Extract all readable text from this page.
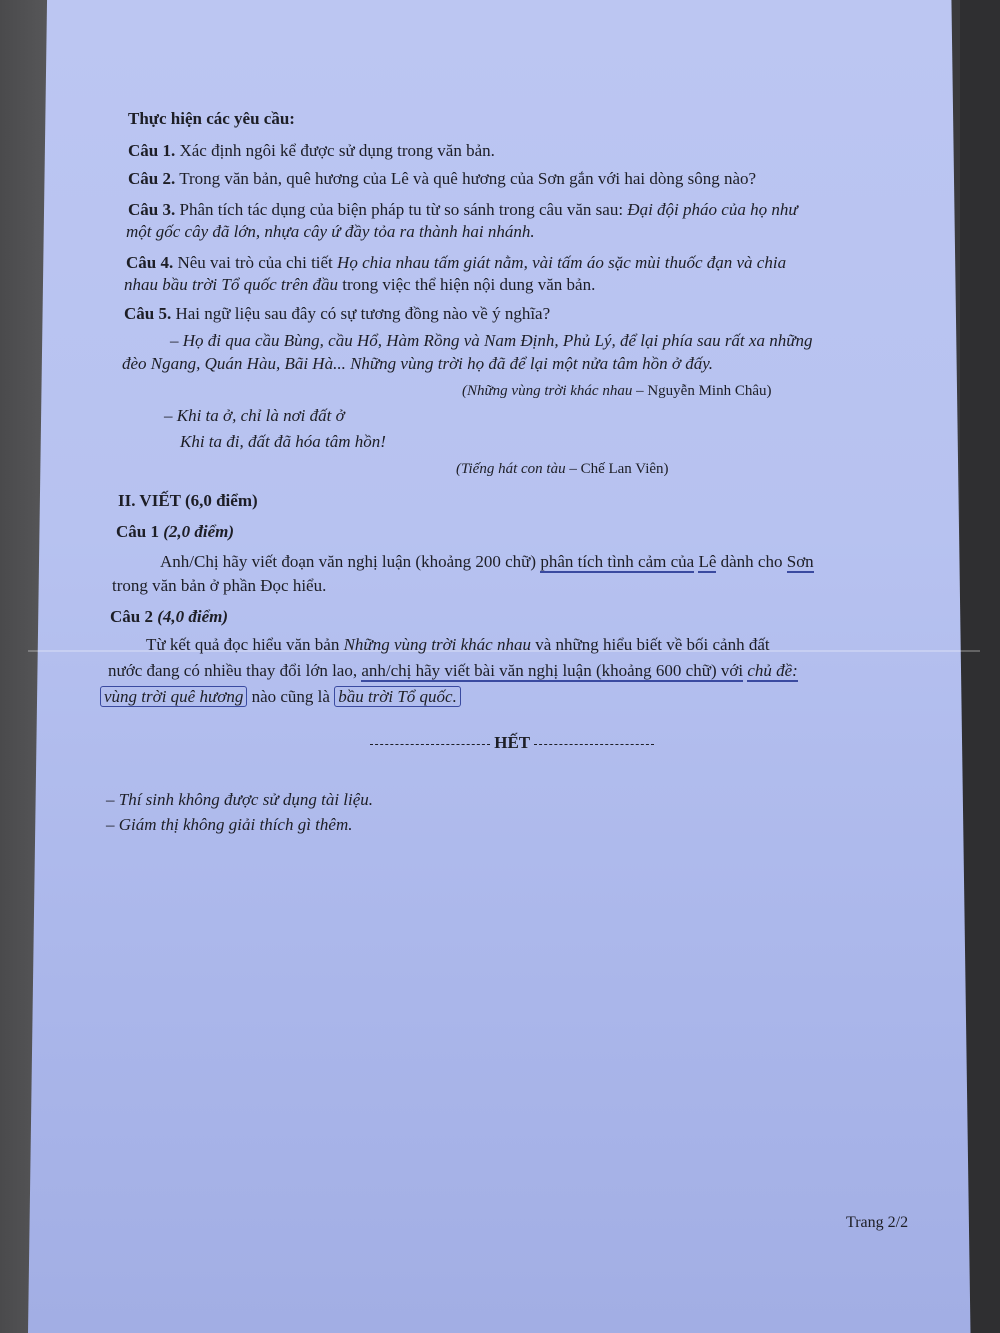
Thực hiện các yêu cầu:
Câu 1. Xác định ngôi kể được sử dụng trong văn bản.
Câu 2. Trong văn bản, quê hương của Lê và quê hương của Sơn gắn với hai dòng sông nào?
Câu 3. Phân tích tác dụng của biện pháp tu từ so sánh trong câu văn sau: Đại đội pháo của họ như
một gốc cây đã lớn, nhựa cây ứ đầy tỏa ra thành hai nhánh.
Câu 4. Nêu vai trò của chi tiết Họ chia nhau tấm giát nằm, vài tấm áo sặc mùi thuốc đạn và chia
nhau bầu trời Tổ quốc trên đầu trong việc thể hiện nội dung văn bản.
Câu 5. Hai ngữ liệu sau đây có sự tương đồng nào về ý nghĩa?
– Họ đi qua cầu Bùng, cầu Hổ, Hàm Rồng và Nam Định, Phủ Lý, để lại phía sau rất xa những
đèo Ngang, Quán Hàu, Bãi Hà... Những vùng trời họ đã để lại một nửa tâm hồn ở đấy.
(Những vùng trời khác nhau – Nguyễn Minh Châu)
– Khi ta ở, chỉ là nơi đất ở
Khi ta đi, đất đã hóa tâm hồn!
(Tiếng hát con tàu – Chế Lan Viên)
II. VIẾT (6,0 điểm)
Câu 1 (2,0 điểm)
Anh/Chị hãy viết đoạn văn nghị luận (khoảng 200 chữ) phân tích tình cảm của Lê dành cho Sơn
trong văn bản ở phần Đọc hiểu.
Câu 2 (4,0 điểm)
Từ kết quả đọc hiểu văn bản Những vùng trời khác nhau và những hiểu biết về bối cảnh đất
nước đang có nhiều thay đổi lớn lao, anh/chị hãy viết bài văn nghị luận (khoảng 600 chữ) với chủ đề:
vùng trời quê hương nào cũng là bầu trời Tổ quốc.
HẾT
– Thí sinh không được sử dụng tài liệu.
– Giám thị không giải thích gì thêm.
Trang 2/2
